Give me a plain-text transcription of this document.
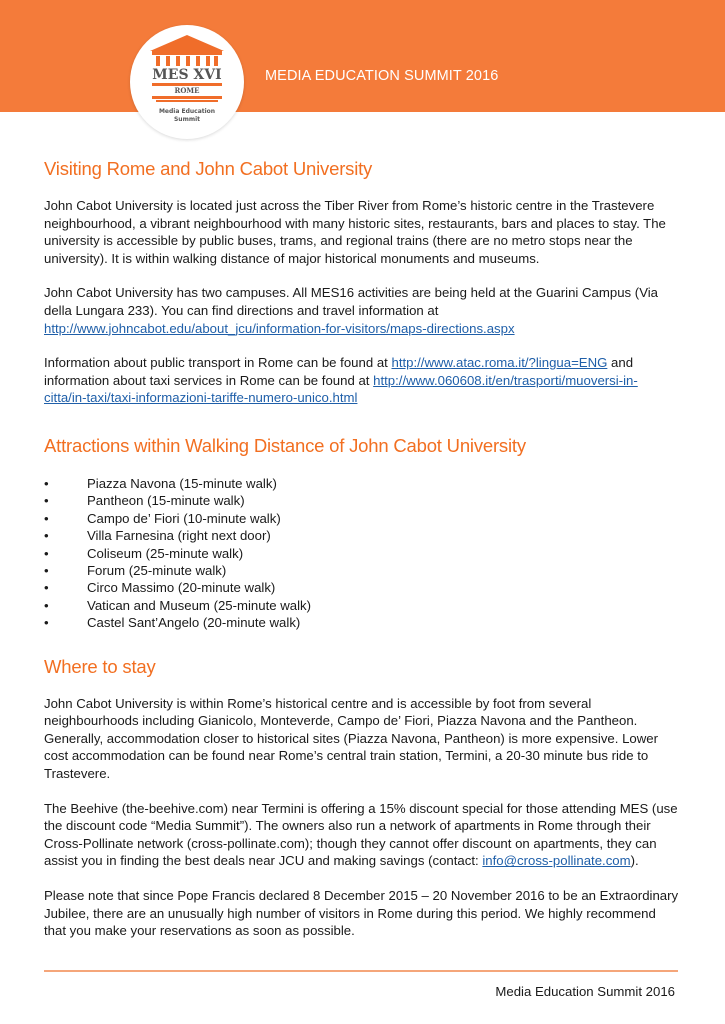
MES XVI
ROME
Media Education
Summit
MEDIA EDUCATION SUMMIT 2016
Visiting Rome and John Cabot University

John Cabot University is located just across the Tiber River from Rome’s historic centre in the Trastevere neighbourhood, a vibrant neighbourhood with many historic sites, restaurants, bars and places to stay. The university is accessible by public buses, trams, and regional trains (there are no metro stops near the university). It is within walking distance of major historical monuments and museums.

John Cabot University has two campuses. All MES16 activities are being held at the Guarini Campus (Via della Lungara 233). You can find directions and travel information at http://www.johncabot.edu/about_jcu/information-for-visitors/maps-directions.aspx

Information about public transport in Rome can be found at http://www.atac.roma.it/?lingua=ENG and information about taxi services in Rome can be found at http://www.060608.it/en/trasporti/muoversi-in-citta/in-taxi/taxi-informazioni-tariffe-numero-unico.html

Attractions within Walking Distance of John Cabot University
•	Piazza Navona (15-minute walk)
•	Pantheon (15-minute walk)
•	Campo de’ Fiori (10-minute walk)
•	Villa Farnesina (right next door)
•	Coliseum (25-minute walk)
•	Forum (25-minute walk)
•	Circo Massimo (20-minute walk)
•	Vatican and Museum (25-minute walk)
•	Castel Sant’Angelo (20-minute walk)
Where to stay

John Cabot University is within Rome’s historical centre and is accessible by foot from several neighbourhoods including Gianicolo, Monteverde, Campo de’ Fiori, Piazza Navona and the Pantheon. Generally, accommodation closer to historical sites (Piazza Navona, Pantheon) is more expensive. Lower cost accommodation can be found near Rome’s central train station, Termini, a 20-30 minute bus ride to Trastevere.

The Beehive (the-beehive.com) near Termini is offering a 15% discount special for those attending MES (use the discount code “Media Summit”). The owners also run a network of apartments in Rome through their Cross-Pollinate network (cross-pollinate.com); though they cannot offer discount on apartments, they can assist you in finding the best deals near JCU and making savings (contact: info@cross-pollinate.com).

Please note that since Pope Francis declared 8 December 2015 – 20 November 2016 to be an Extraordinary Jubilee, there are an unusually high number of visitors in Rome during this period. We highly recommend that you make your reservations as soon as possible.

Media Education Summit 2016
